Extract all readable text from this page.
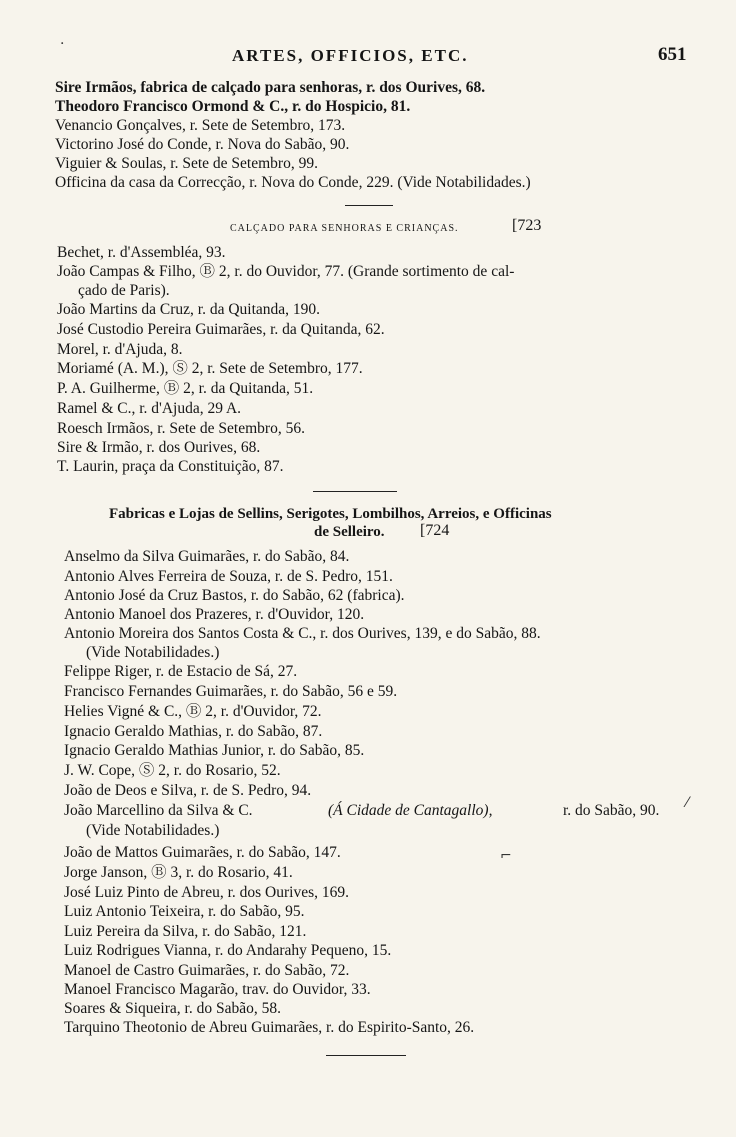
ARTES, OFFICIOS, ETC.	651
Sire Irmãos, fabrica de calçado para senhoras, r. dos Ourives, 68.
Theodoro Francisco Ormond & C., r. do Hospicio, 81.
Venancio Gonçalves, r. Sete de Setembro, 173.
Victorino José do Conde, r. Nova do Sabão, 90.
Viguier & Soulas, r. Sete de Setembro, 99.
Officina da casa da Correcção, r. Nova do Conde, 229. (Vide Notabilidades.)
CALÇADO PARA SENHORAS E CRIANÇAS.	[723
Bechet, r. d'Assembléa, 93.
João Campas & Filho, Ⓑ 2, r. do Ouvidor, 77. (Grande sortimento de cal-
çado de Paris).
João Martins da Cruz, r. da Quitanda, 190.
José Custodio Pereira Guimarães, r. da Quitanda, 62.
Morel, r. d'Ajuda, 8.
Moriamé (A. M.), Ⓢ 2, r. Sete de Setembro, 177.
P. A. Guilherme, Ⓑ 2, r. da Quitanda, 51.
Ramel & C., r. d'Ajuda, 29 A.
Roesch Irmãos, r. Sete de Setembro, 56.
Sire & Irmão, r. dos Ourives, 68.
T. Laurin, praça da Constituição, 87.
Fabricas e Lojas de Sellins, Serigotes, Lombilhos, Arreios, e Officinas
de Selleiro. [724
Anselmo da Silva Guimarães, r. do Sabão, 84.
Antonio Alves Ferreira de Souza, r. de S. Pedro, 151.
Antonio José da Cruz Bastos, r. do Sabão, 62 (fabrica).
Antonio Manoel dos Prazeres, r. d'Ouvidor, 120.
Antonio Moreira dos Santos Costa & C., r. dos Ourives, 139, e do Sabão, 88.
(Vide Notabilidades.)
Felippe Riger, r. de Estacio de Sá, 27.
Francisco Fernandes Guimarães, r. do Sabão, 56 e 59.
Helies Vigné & C., Ⓑ 2, r. d'Ouvidor, 72.
Ignacio Geraldo Mathias, r. do Sabão, 87.
Ignacio Geraldo Mathias Junior, r. do Sabão, 85.
J. W. Cope, Ⓢ 2, r. do Rosario, 52.
João de Deos e Silva, r. de S. Pedro, 94.
João Marcellino da Silva & C.	(Á Cidade de Cantagallo),	r. do Sabão, 90.
(Vide Notabilidades.)
João de Mattos Guimarães, r. do Sabão, 147.
Jorge Janson, Ⓑ 3, r. do Rosario, 41.
José Luiz Pinto de Abreu, r. dos Ourives, 169.
Luiz Antonio Teixeira, r. do Sabão, 95.
Luiz Pereira da Silva, r. do Sabão, 121.
Luiz Rodrigues Vianna, r. do Andarahy Pequeno, 15.
Manoel de Castro Guimarães, r. do Sabão, 72.
Manoel Francisco Magarão, trav. do Ouvidor, 33.
Soares & Siqueira, r. do Sabão, 58.
Tarquino Theotonio de Abreu Guimarães, r. do Espirito-Santo, 26.
·
⁄
⌐
